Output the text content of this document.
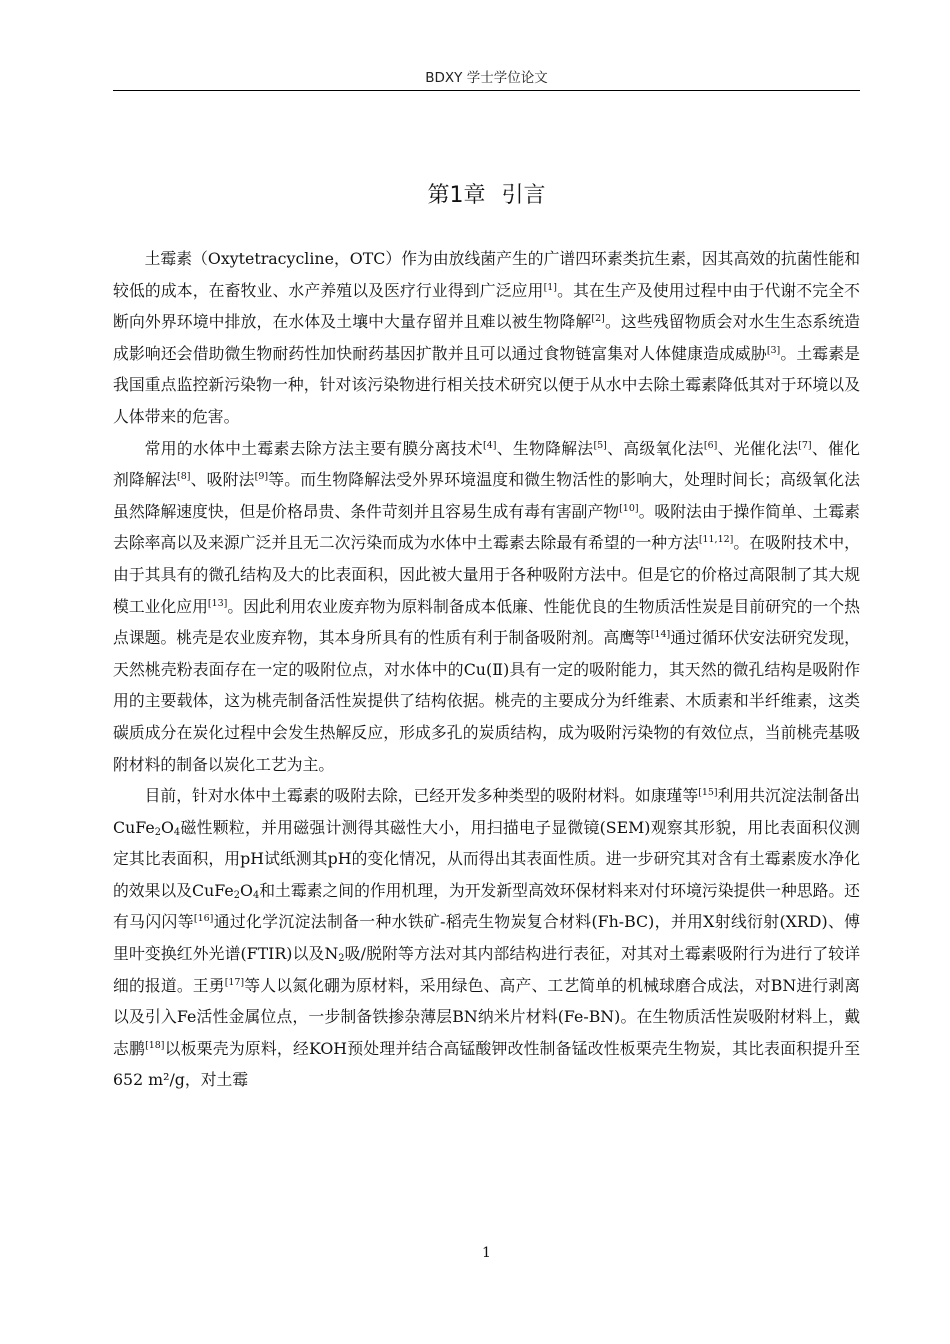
BDXY 学士学位论文
第1章 引言

土霉素（Oxytetracycline，OTC）作为由放线菌产生的广谱四环素类抗生素，因其高效的抗菌性能和较低的成本，在畜牧业、水产养殖以及医疗行业得到广泛应用[1]。其在生产及使用过程中由于代谢不完全不断向外界环境中排放，在水体及土壤中大量存留并且难以被生物降解[2]。这些残留物质会对水生生态系统造成影响还会借助微生物耐药性加快耐药基因扩散并且可以通过食物链富集对人体健康造成威胁[3]。土霉素是我国重点监控新污染物一种，针对该污染物进行相关技术研究以便于从水中去除土霉素降低其对于环境以及人体带来的危害。

常用的水体中土霉素去除方法主要有膜分离技术[4]、生物降解法[5]、高级氧化法[6]、光催化法[7]、催化剂降解法[8]、吸附法[9]等。而生物降解法受外界环境温度和微生物活性的影响大，处理时间长；高级氧化法虽然降解速度快，但是价格昂贵、条件苛刻并且容易生成有毒有害副产物[10]。吸附法由于操作简单、土霉素去除率高以及来源广泛并且无二次污染而成为水体中土霉素去除最有希望的一种方法[11,12]。在吸附技术中，由于其具有的微孔结构及大的比表面积，因此被大量用于各种吸附方法中。但是它的价格过高限制了其大规模工业化应用[13]。因此利用农业废弃物为原料制备成本低廉、性能优良的生物质活性炭是目前研究的一个热点课题。桃壳是农业废弃物，其本身所具有的性质有利于制备吸附剂。高鹰等[14]通过循环伏安法研究发现，天然桃壳粉表面存在一定的吸附位点，对水体中的Cu(Ⅱ)具有一定的吸附能力，其天然的微孔结构是吸附作用的主要载体，这为桃壳制备活性炭提供了结构依据。桃壳的主要成分为纤维素、木质素和半纤维素，这类碳质成分在炭化过程中会发生热解反应，形成多孔的炭质结构，成为吸附污染物的有效位点，当前桃壳基吸附材料的制备以炭化工艺为主。

目前，针对水体中土霉素的吸附去除，已经开发多种类型的吸附材料。如康瑾等[15]利用共沉淀法制备出$CuFe_2O_4$磁性颗粒，并用磁强计测得其磁性大小，用扫描电子显微镜(SEM)观察其形貌，用比表面积仪测定其比表面积，用pH试纸测其pH的变化情况，从而得出其表面性质。进一步研究其对含有土霉素废水净化的效果以及$CuFe_2O_4$和土霉素之间的作用机理，为开发新型高效环保材料来对付环境污染提供一种思路。还有马闪闪等[16]通过化学沉淀法制备一种水铁矿-稻壳生物炭复合材料(Fh-BC)，并用X射线衍射(XRD)、傅里叶变换红外光谱(FTIR)以及$N_2$吸/脱附等方法对其内部结构进行表征，对其对土霉素吸附行为进行了较详细的报道。王勇[17]等人以氮化硼为原材料，采用绿色、高产、工艺简单的机械球磨合成法，对BN进行剥离以及引入Fe活性金属位点，一步制备铁掺杂薄层BN纳米片材料(Fe-BN)。在生物质活性炭吸附材料上，戴志鹏[18]以板栗壳为原料，经KOH预处理并结合高锰酸钾改性制备锰改性板栗壳生物炭，其比表面积提升至652 m²/g，对土霉

1
